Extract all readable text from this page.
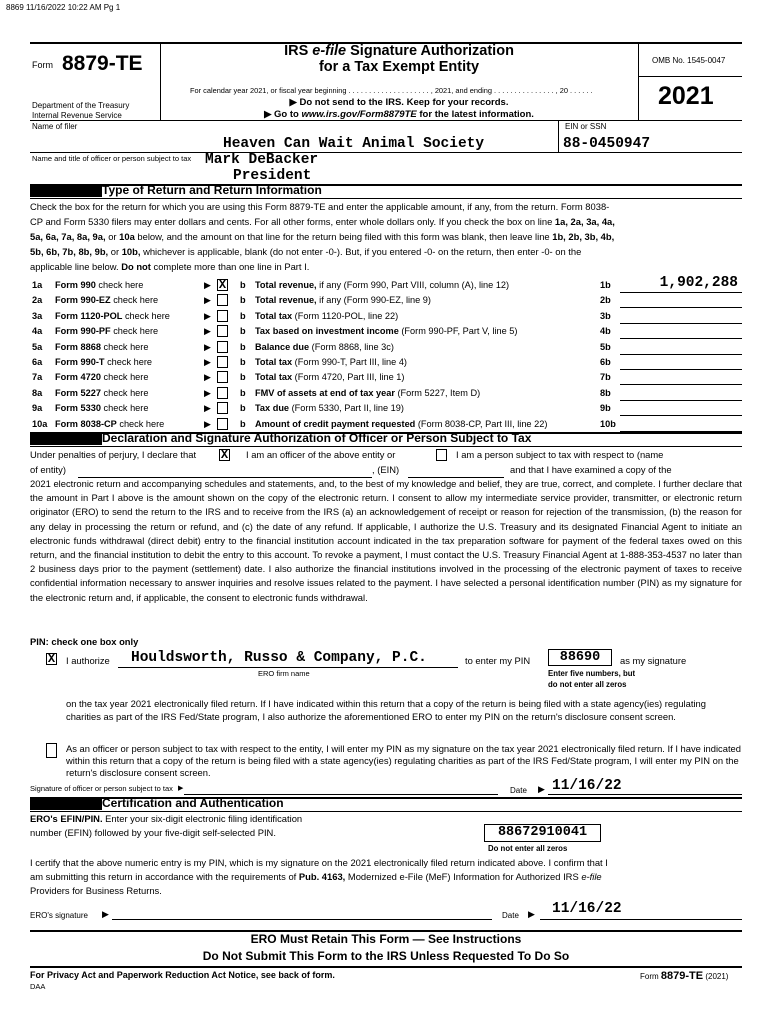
8869 11/16/2022 10:22 AM Pg 1
Form 8879-TE
IRS e-file Signature Authorization
for a Tax Exempt Entity
For calendar year 2021, or fiscal year beginning . . . . . . . . . . . . . . . . . . . . , 2021, and ending . . . . . . . . . . . . . . . , 20 . . . . . .
▶ Do not send to the IRS. Keep for your records.
▶ Go to www.irs.gov/Form8879TE for the latest information.
OMB No. 1545-0047
2021
Department of the Treasury
Internal Revenue Service
Name of filer	EIN or SSN
Heaven Can Wait Animal Society	88-0450947
Name and title of officer or person subject to tax Mark DeBacker
President
Type of Return and Return Information
Check the box for the return for which you are using this Form 8879-TE and enter the applicable amount, if any, from the return. Form 8038-
CP and Form 5330 filers may enter dollars and cents. For all other forms, enter whole dollars only. If you check the box on line 1a, 2a, 3a, 4a,
5a, 6a, 7a, 8a, 9a, or 10a below, and the amount on that line for the return being filed with this form was blank, then leave line 1b, 2b, 3b, 4b,
5b, 6b, 7b, 8b, 9b, or 10b, whichever is applicable, blank (do not enter -0-). But, if you entered -0- on the return, then enter -0- on the
applicable line below. Do not complete more than one line in Part I.
1a Form 990 check here	▶ X b Total revenue, if any (Form 990, Part VIII, column (A), line 12)	1b	1,902,288
2a Form 990-EZ check here	▶	b Total revenue, if any (Form 990-EZ, line 9)	2b
3a Form 1120-POL check here	▶	b Total tax (Form 1120-POL, line 22)	3b
4a Form 990-PF check here	▶	b Tax based on investment income (Form 990-PF, Part V, line 5)	4b
5a Form 8868 check here	▶	b Balance due (Form 8868, line 3c)	5b
6a Form 990-T check here	▶	b Total tax (Form 990-T, Part III, line 4)	6b
7a Form 4720 check here	▶	b Total tax (Form 4720, Part III, line 1)	7b
8a Form 5227 check here	▶	b FMV of assets at end of tax year (Form 5227, Item D)	8b
9a Form 5330 check here	▶	b Tax due (Form 5330, Part II, line 19)	9b
10a Form 8038-CP check here	▶	b Amount of credit payment requested (Form 8038-CP, Part III, line 22)	10b
Declaration and Signature Authorization of Officer or Person Subject to Tax
Under penalties of perjury, I declare that X I am an officer of the above entity or	I am a person subject to tax with respect to (name
of entity)	, (EIN)	and that I have examined a copy of the
2021 electronic return and accompanying schedules and statements, and, to the best of my knowledge and belief, they are true, correct, and complete. I further declare that the amount in Part I above is the amount shown on the copy of the electronic return. I consent to allow my intermediate service provider, transmitter, or electronic return originator (ERO) to send the return to the IRS and to receive from the IRS (a) an acknowledgement of receipt or reason for rejection of the transmission, (b) the reason for any delay in processing the return or refund, and (c) the date of any refund. If applicable, I authorize the U.S. Treasury and its designated Financial Agent to initiate an electronic funds withdrawal (direct debit) entry to the financial institution account indicated in the tax preparation software for payment of the federal taxes owed on this return, and the financial institution to debit the entry to this account. To revoke a payment, I must contact the U.S. Treasury Financial Agent at 1-888-353-4537 no later than 2 business days prior to the payment (settlement) date. I also authorize the financial institutions involved in the processing of the electronic payment of taxes to receive confidential information necessary to answer inquiries and resolve issues related to the payment. I have selected a personal identification number (PIN) as my signature for the electronic return and, if applicable, the consent to electronic funds withdrawal.
PIN: check one box only
X I authorize Houldsworth, Russo & Company, P.C.
ERO firm name
to enter my PIN	88690	as my signature
Enter five numbers, but
do not enter all zeros
on the tax year 2021 electronically filed return. If I have indicated within this return that a copy of the return is being filed with a state agency(ies) regulating charities as part of the IRS Fed/State program, I also authorize the aforementioned ERO to enter my PIN on the return's disclosure consent screen.
As an officer or person subject to tax with respect to the entity, I will enter my PIN as my signature on the tax year 2021 electronically filed return. If I have indicated within this return that a copy of the return is being filed with a state agency(ies) regulating charities as part of the IRS Fed/State program, I will enter my PIN on the return's disclosure consent screen.
Signature of officer or person subject to tax ▶	Date ▶ 11/16/22
Certification and Authentication
ERO's EFIN/PIN. Enter your six-digit electronic filing identification
number (EFIN) followed by your five-digit self-selected PIN.	88672910041
Do not enter all zeros
I certify that the above numeric entry is my PIN, which is my signature on the 2021 electronically filed return indicated above. I confirm that I
am submitting this return in accordance with the requirements of Pub. 4163, Modernized e-File (MeF) Information for Authorized IRS e-file
Providers for Business Returns.
ERO's signature ▶	Date ▶ 11/16/22
ERO Must Retain This Form — See Instructions
Do Not Submit This Form to the IRS Unless Requested To Do So
For Privacy Act and Paperwork Reduction Act Notice, see back of form.	Form 8879-TE (2021)
DAA
